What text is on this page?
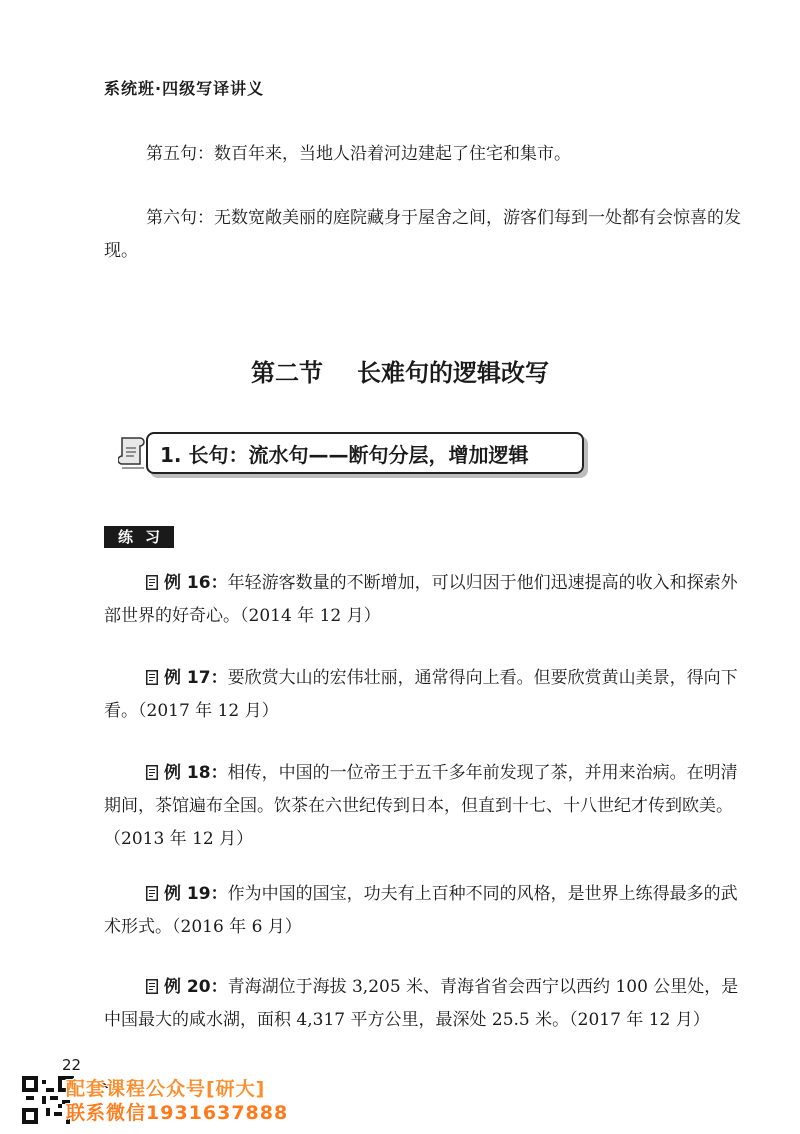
系统班·四级写译讲义

第五句：数百年来，当地人沿着河边建起了住宅和集市。

第六句：无数宽敞美丽的庭院藏身于屋舍之间，游客们每到一处都有会惊喜的发现。

第二节 长难句的逻辑改写
1. 长句：流水句——断句分层，增加逻辑
练习

例 16：年轻游客数量的不断增加，可以归因于他们迅速提高的收入和探索外部世界的好奇心。（2014 年 12 月）

例 17：要欣赏大山的宏伟壮丽，通常得向上看。但要欣赏黄山美景，得向下看。（2017 年 12 月）

例 18：相传，中国的一位帝王于五千多年前发现了茶，并用来治病。在明清期间，茶馆遍布全国。饮茶在六世纪传到日本，但直到十七、十八世纪才传到欧美。（2013 年 12 月）

例 19：作为中国的国宝，功夫有上百种不同的风格，是世界上练得最多的武术形式。（2016 年 6 月）

例 20：青海湖位于海拔 3,205 米、青海省省会西宁以西约 100 公里处，是中国最大的咸水湖，面积 4,317 平方公里，最深处 25.5 米。（2017 年 12 月）

22
配套课程公众号[研大]
联系微信1931637888
